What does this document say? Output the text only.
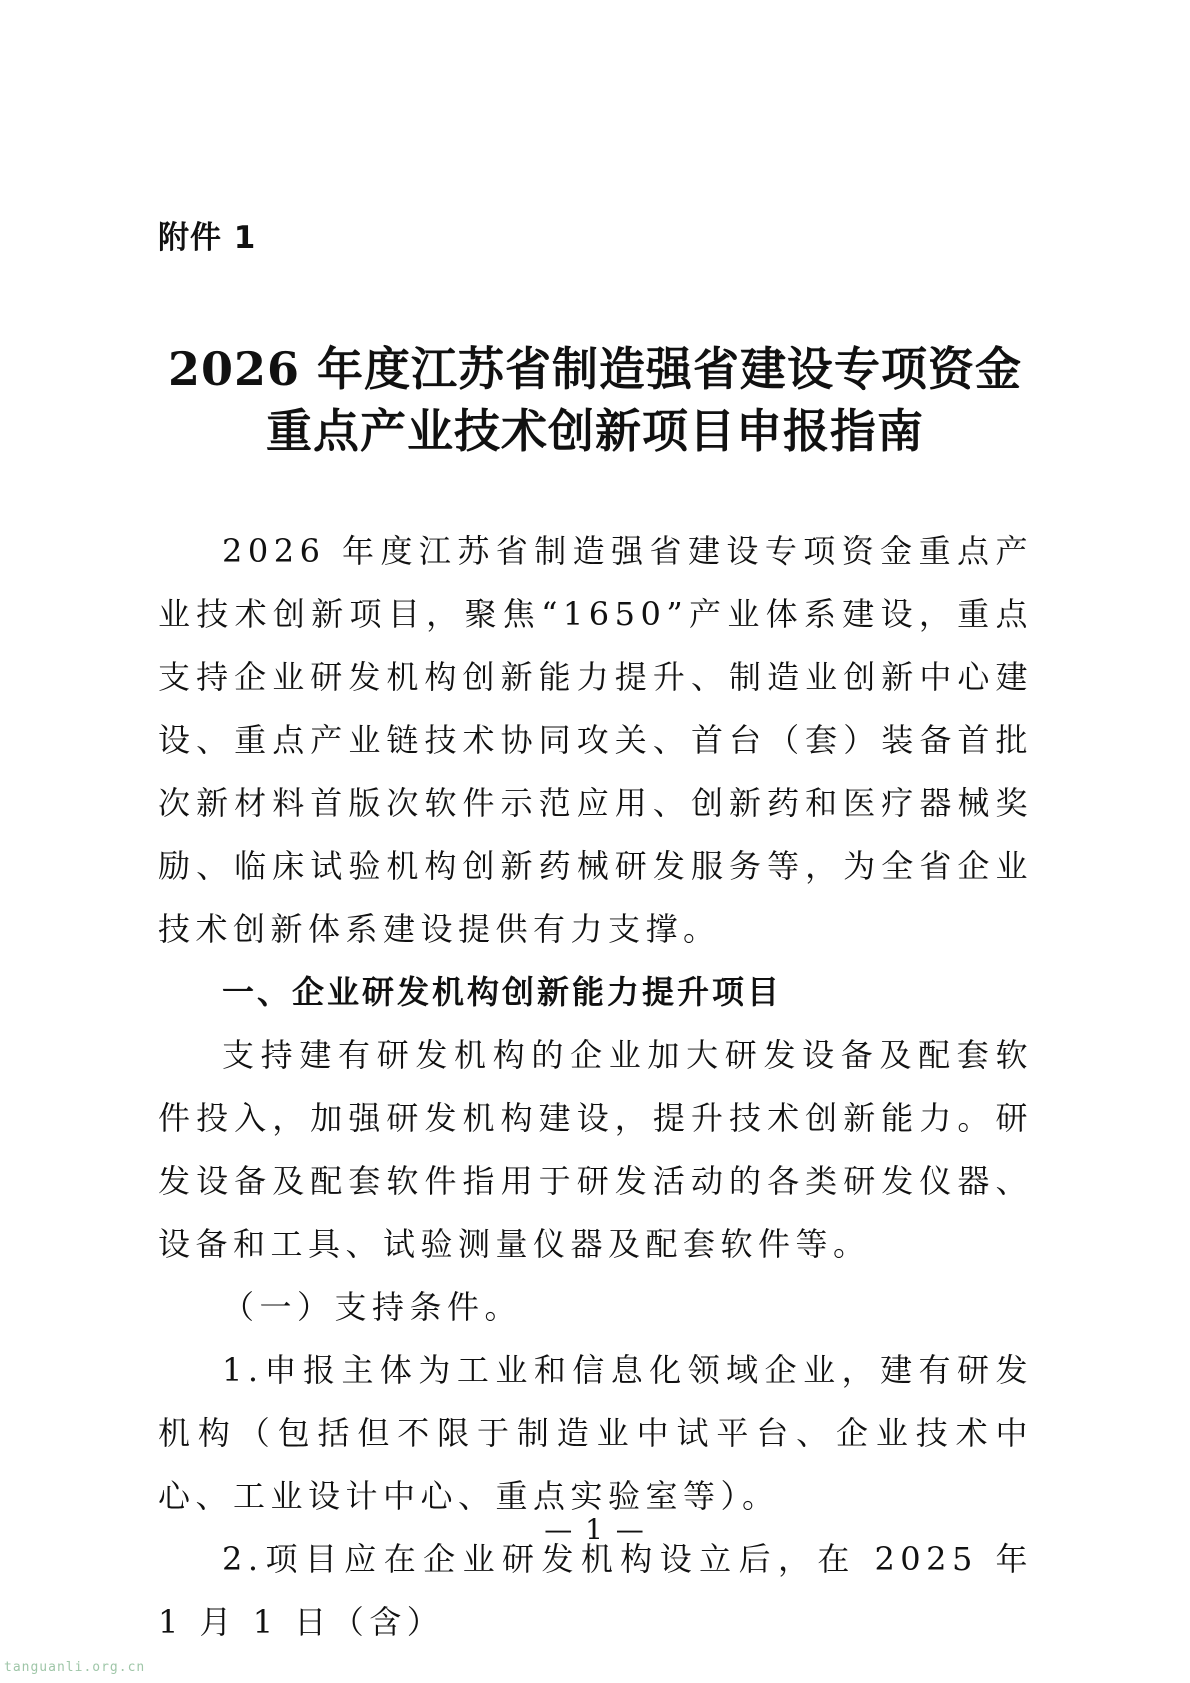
附件 1
2026 年度江苏省制造强省建设专项资金
重点产业技术创新项目申报指南

2026 年度江苏省制造强省建设专项资金重点产业技术创新项目，聚焦“1650”产业体系建设，重点支持企业研发机构创新能力提升、制造业创新中心建设、重点产业链技术协同攻关、首台（套）装备首批次新材料首版次软件示范应用、创新药和医疗器械奖励、临床试验机构创新药械研发服务等，为全省企业技术创新体系建设提供有力支撑。

一、企业研发机构创新能力提升项目

支持建有研发机构的企业加大研发设备及配套软件投入，加强研发机构建设，提升技术创新能力。研发设备及配套软件指用于研发活动的各类研发仪器、设备和工具、试验测量仪器及配套软件等。

（一）支持条件。

1.申报主体为工业和信息化领域企业，建有研发机构（包括但不限于制造业中试平台、企业技术中心、工业设计中心、重点实验室等）。

2.项目应在企业研发机构设立后，在 2025 年 1 月 1 日（含）

— 1 —
tanguanli.org.cn
